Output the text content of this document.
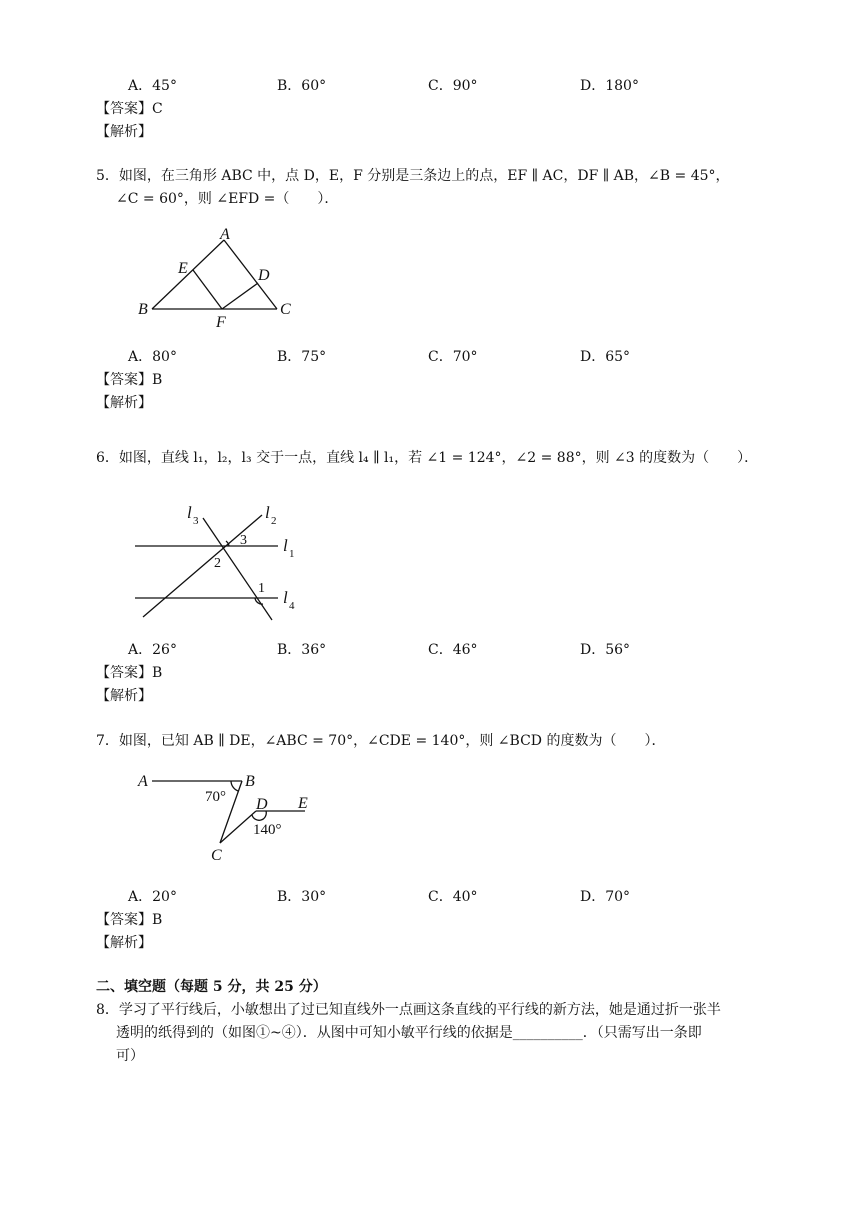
A．45°	B．60°	C．90°	D．180°
【答案】C
【解析】
5．如图，在三角形 ABC 中，点 D，E，F 分别是三条边上的点，EF ∥ AC，DF ∥ AB，∠B = 45°，
∠C = 60°，则 ∠EFD =（　　）．
A
B	C
D
E
F
A．80°	B．75°	C．70°	D．65°
【答案】B
【解析】
6．如图，直线 l₁，l₂，l₃ 交于一点，直线 l₄ ∥ l₁，若 ∠1 = 124°，∠2 = 88°，则 ∠3 的度数为（　　）．
l 3	l 2
l 1
l 4
1
2
3
A．26°	B．36°	C．46°	D．56°
【答案】B
【解析】
7．如图，已知 AB ∥ DE，∠ABC = 70°，∠CDE = 140°，则 ∠BCD 的度数为（　　）．
A	B
C
D E
70°
140°
A．20°	B．30°	C．40°	D．70°
【答案】B
【解析】
二、填空题（每题 5 分，共 25 分）
8．学习了平行线后，小敏想出了过已知直线外一点画这条直线的平行线的新方法，她是通过折一张半
透明的纸得到的（如图①~④）．从图中可知小敏平行线的依据是__________．（只需写出一条即
可）
